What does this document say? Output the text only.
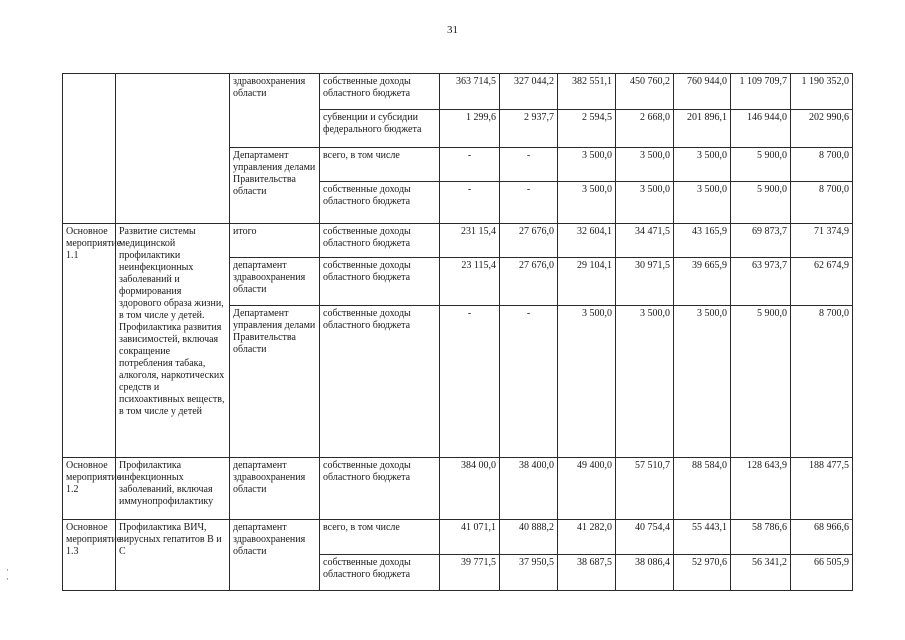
31
		здравоохранения области	собственные доходы областного бюджета	363 714,5	327 044,2	382 551,1	450 760,2	760 944,0	1 109 709,7	1 190 352,0
			субвенции и субсидии федерального бюджета	1 299,6	2 937,7	2 594,5	2 668,0	201 896,1	146 944,0	202 990,6
		Департамент управления делами Правительства области	всего, в том числе	-	-	3 500,0	3 500,0	3 500,0	5 900,0	8 700,0
			собственные доходы областного бюджета	-	-	3 500,0	3 500,0	3 500,0	5 900,0	8 700,0
Основное мероприятие 1.1	Развитие системы медицинской профилактики неинфекционных заболеваний и формирования здорового образа жизни, в том числе у детей. Профилактика развития зависимостей, включая сокращение потребления табака, алкоголя, наркотических средств и психоактивных веществ, в том числе у детей	итого	собственные доходы областного бюджета	231 15,4	27 676,0	32 604,1	34 471,5	43 165,9	69 873,7	71 374,9
		департамент здравоохранения области	собственные доходы областного бюджета	23 115,4	27 676,0	29 104,1	30 971,5	39 665,9	63 973,7	62 674,9
		Департамент управления делами Правительства области	собственные доходы областного бюджета	-	-	3 500,0	3 500,0	3 500,0	5 900,0	8 700,0
Основное мероприятие 1.2	Профилактика инфекционных заболеваний, включая иммунопрофилактику	департамент здравоохранения области	собственные доходы областного бюджета	384 00,0	38 400,0	49 400,0	57 510,7	88 584,0	128 643,9	188 477,5
Основное мероприятие 1.3	Профилактика ВИЧ, вирусных гепатитов В и С	департамент здравоохранения области	всего, в том числе	41 071,1	40 888,2	41 282,0	40 754,4	55 443,1	58 786,6	68 966,6
			собственные доходы областного бюджета	39 771,5	37 950,5	38 687,5	38 086,4	52 970,6	56 341,2	66 505,9
·
·
